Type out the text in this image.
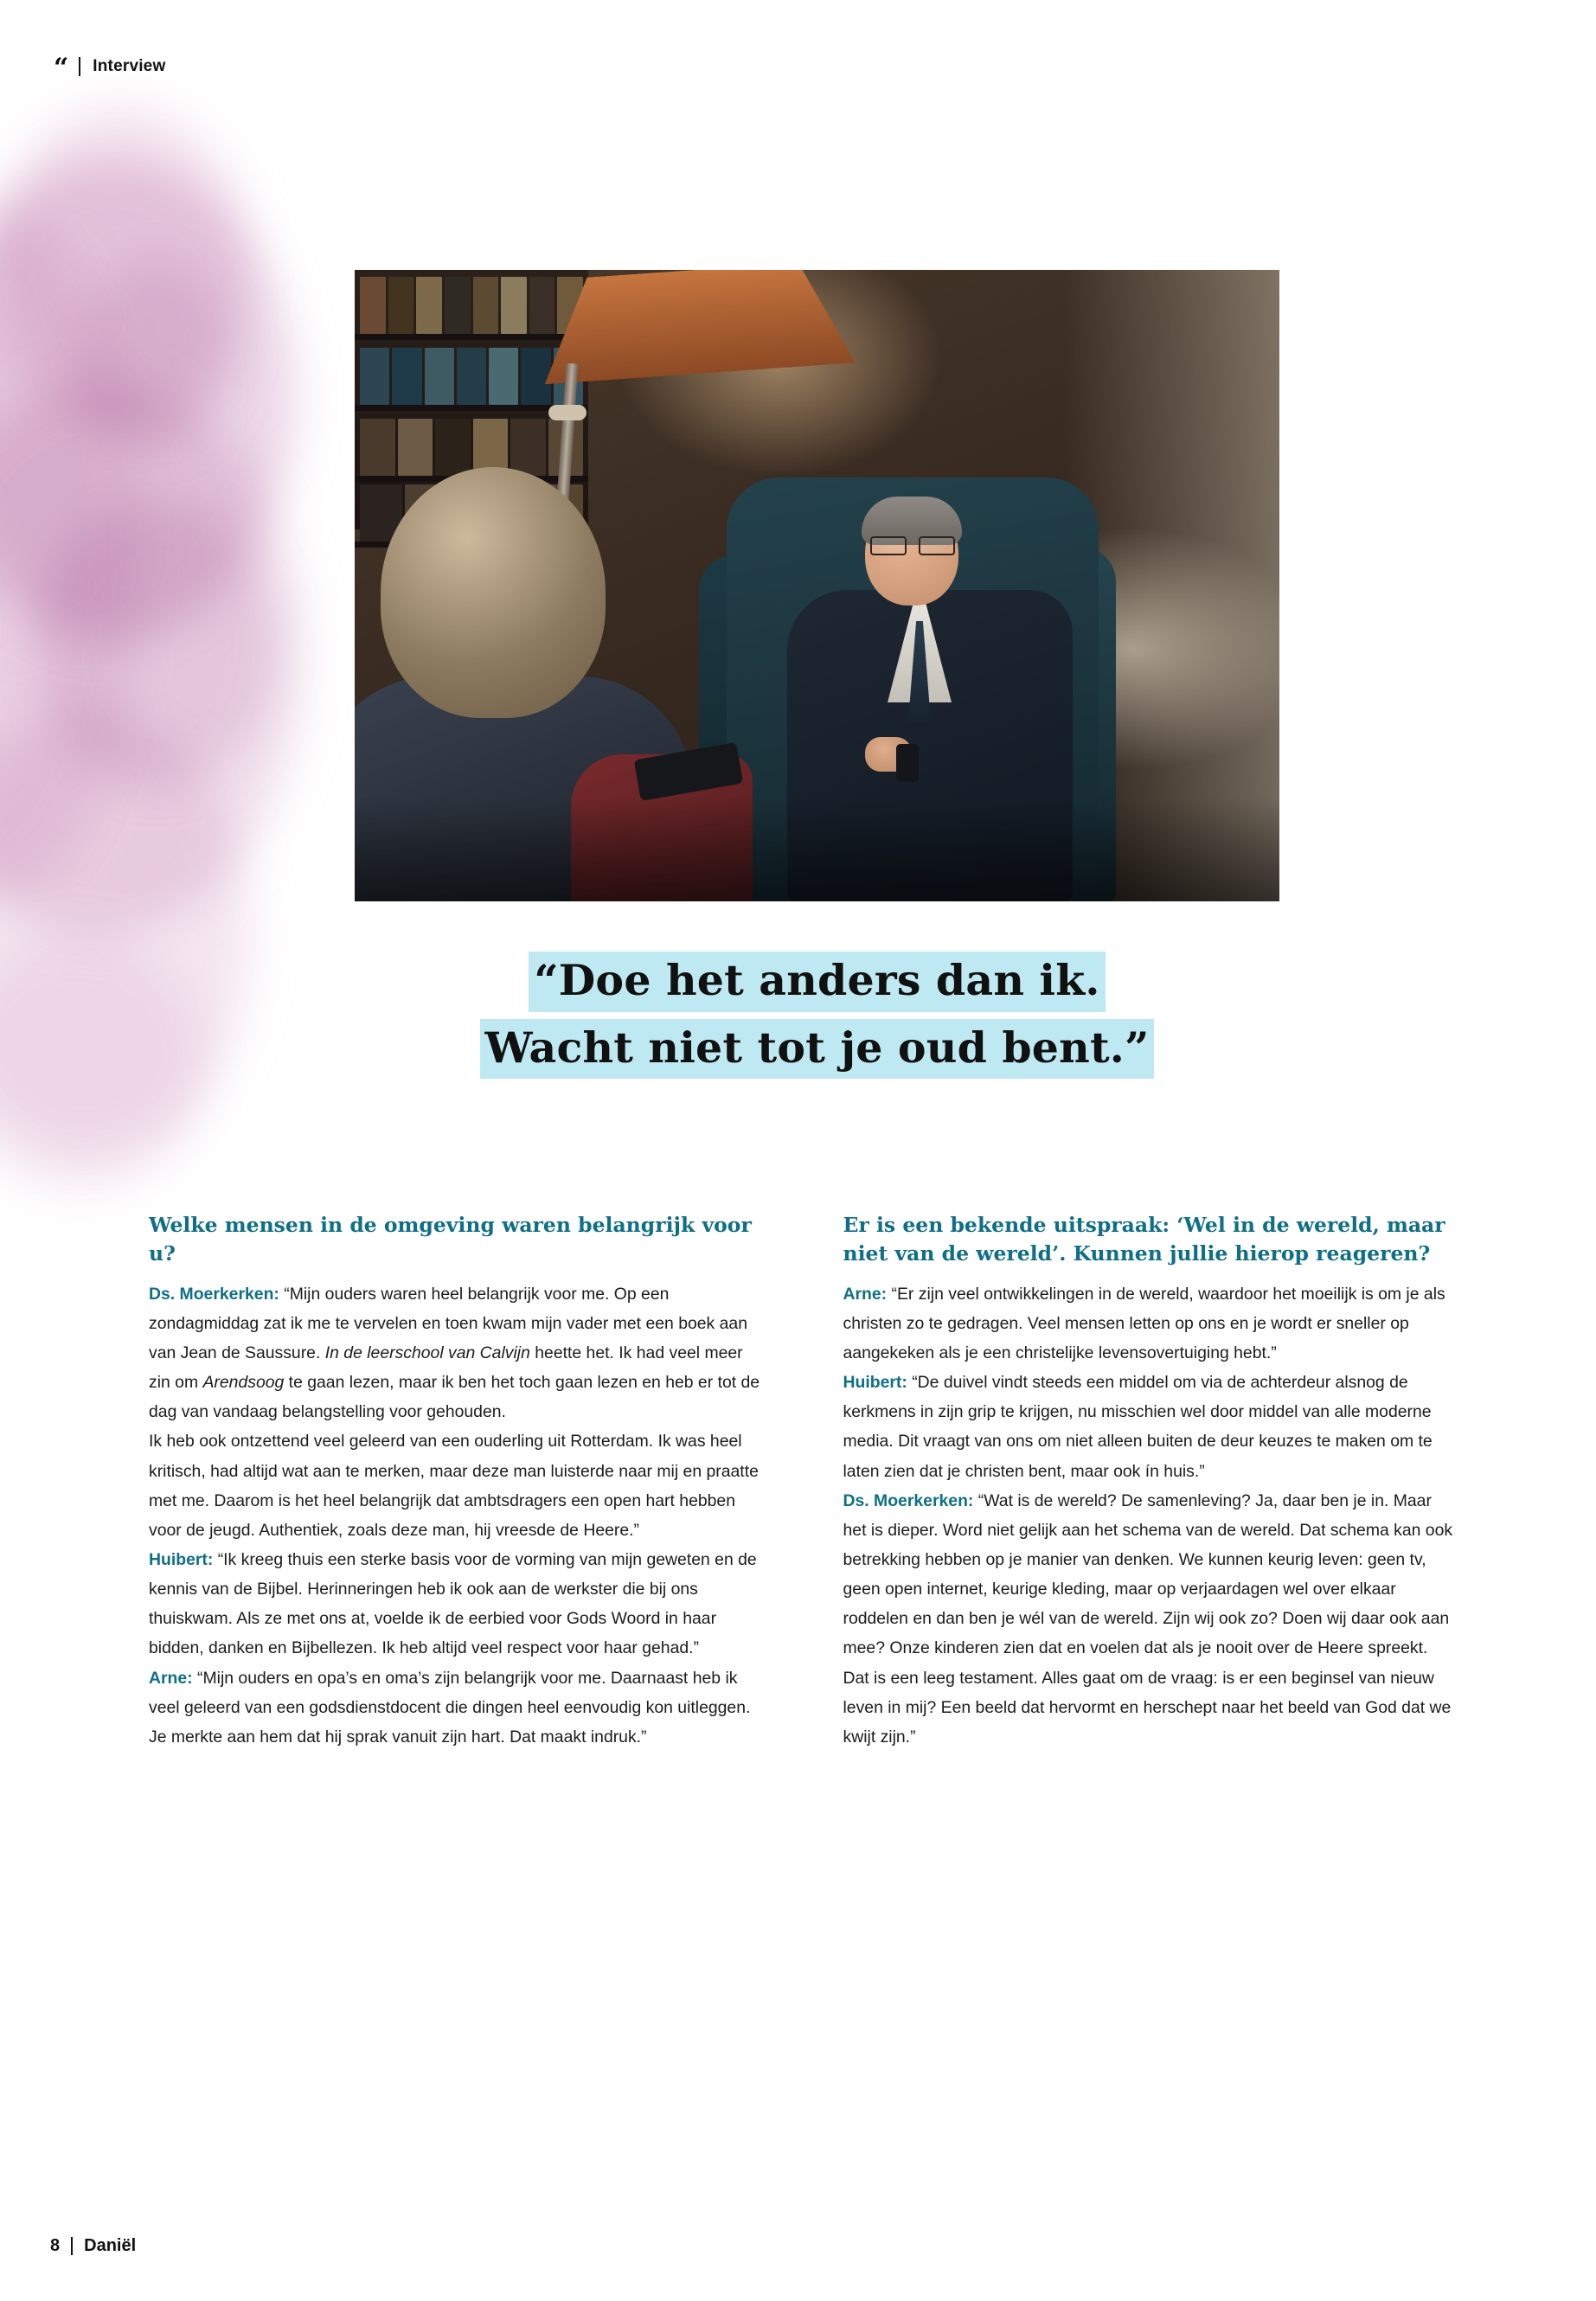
“ Interview
“Doe het anders dan ik.
Wacht niet tot je oud bent.”
Welke mensen in de omgeving waren belangrijk voor u?

Ds. Moerkerken: “Mijn ouders waren heel belangrijk voor me. Op een zondagmiddag zat ik me te vervelen en toen kwam mijn vader met een boek aan van Jean de Saussure. In de leerschool van Calvijn heette het. Ik had veel meer zin om Arendsoog te gaan lezen, maar ik ben het toch gaan lezen en heb er tot de dag van vandaag belangstelling voor gehouden.

Ik heb ook ontzettend veel geleerd van een ouderling uit Rotterdam. Ik was heel kritisch, had altijd wat aan te merken, maar deze man luisterde naar mij en praatte met me. Daarom is het heel belangrijk dat ambtsdragers een open hart hebben voor de jeugd. Authentiek, zoals deze man, hij vreesde de Heere.”

Huibert: “Ik kreeg thuis een sterke basis voor de vorming van mijn geweten en de kennis van de Bijbel. Herinneringen heb ik ook aan de werkster die bij ons thuiskwam. Als ze met ons at, voelde ik de eerbied voor Gods Woord in haar bidden, danken en Bijbellezen. Ik heb altijd veel respect voor haar gehad.”

Arne: “Mijn ouders en opa’s en oma’s zijn belangrijk voor me. Daarnaast heb ik veel geleerd van een godsdienstdocent die dingen heel eenvoudig kon uitleggen. Je merkte aan hem dat hij sprak vanuit zijn hart. Dat maakt indruk.”

Er is een bekende uitspraak: ‘Wel in de wereld, maar niet van de wereld’. Kunnen jullie hierop reageren?

Arne: “Er zijn veel ontwikkelingen in de wereld, waardoor het moeilijk is om je als christen zo te gedragen. Veel mensen letten op ons en je wordt er sneller op aangekeken als je een christelijke levensovertuiging hebt.”

Huibert: “De duivel vindt steeds een middel om via de achterdeur alsnog de kerkmens in zijn grip te krijgen, nu misschien wel door middel van alle moderne media. Dit vraagt van ons om niet alleen buiten de deur keuzes te maken om te laten zien dat je christen bent, maar ook ín huis.”

Ds. Moerkerken: “Wat is de wereld? De samenleving? Ja, daar ben je in. Maar het is dieper. Word niet gelijk aan het schema van de wereld. Dat schema kan ook betrekking hebben op je manier van denken. We kunnen keurig leven: geen tv, geen open internet, keurige kleding, maar op verjaardagen wel over elkaar roddelen en dan ben je wél van de wereld. Zijn wij ook zo? Doen wij daar ook aan mee? Onze kinderen zien dat en voelen dat als je nooit over de Heere spreekt. Dat is een leeg testament. Alles gaat om de vraag: is er een beginsel van nieuw leven in mij? Een beeld dat hervormt en herschept naar het beeld van God dat we kwijt zijn.”

8 Daniël
